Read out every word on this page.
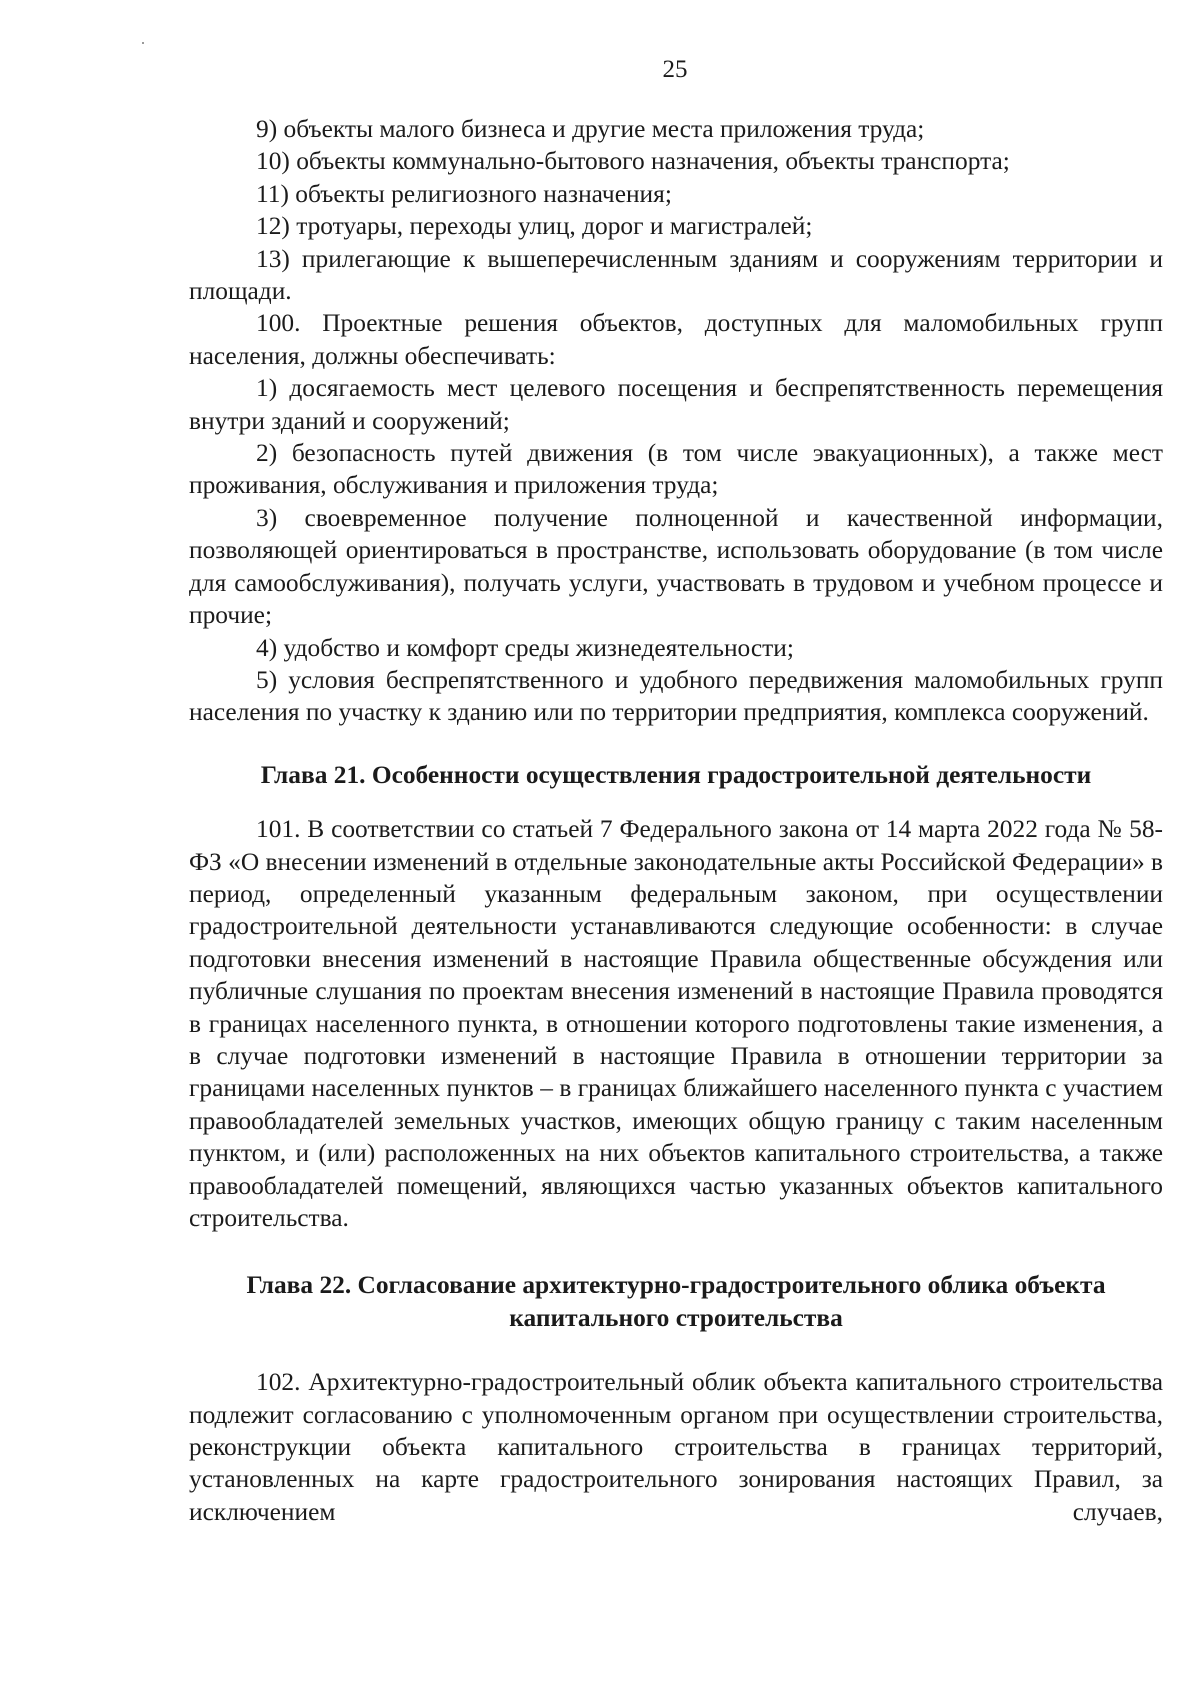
25

9) объекты малого бизнеса и другие места приложения труда;

10) объекты коммунально-бытового назначения, объекты транспорта;

11) объекты религиозного назначения;

12) тротуары, переходы улиц, дорог и магистралей;

13) прилегающие к вышеперечисленным зданиям и сооружениям территории и площади.

100. Проектные решения объектов, доступных для маломобильных групп населения, должны обеспечивать:

1) досягаемость мест целевого посещения и беспрепятственность перемещения внутри зданий и сооружений;

2) безопасность путей движения (в том числе эвакуационных), а также мест проживания, обслуживания и приложения труда;

3) своевременное получение полноценной и качественной информации, позволяющей ориентироваться в пространстве, использовать оборудование (в том числе для самообслуживания), получать услуги, участвовать в трудовом и учебном процессе и прочие;

4) удобство и комфорт среды жизнедеятельности;

5) условия беспрепятственного и удобного передвижения маломобильных групп населения по участку к зданию или по территории предприятия, комплекса сооружений.

Глава 21. Особенности осуществления градостроительной деятельности

101. В соответствии со статьей 7 Федерального закона от 14 марта 2022 года № 58-ФЗ «О внесении изменений в отдельные законодательные акты Российской Федерации» в период, определенный указанным федеральным законом, при осуществлении градостроительной деятельности устанавливаются следующие особенности: в случае подготовки внесения изменений в настоящие Правила общественные обсуждения или публичные слушания по проектам внесения изменений в настоящие Правила проводятся в границах населенного пункта, в отношении которого подготовлены такие изменения, а в случае подготовки изменений в настоящие Правила в отношении территории за границами населенных пунктов – в границах ближайшего населенного пункта с участием правообладателей земельных участков, имеющих общую границу с таким населенным пунктом, и (или) расположенных на них объектов капитального строительства, а также правообладателей помещений, являющихся частью указанных объектов капитального строительства.

Глава 22. Согласование архитектурно-градостроительного облика объекта
капитального строительства

102. Архитектурно-градостроительный облик объекта капитального строительства подлежит согласованию с уполномоченным органом при осуществлении строительства, реконструкции объекта капитального строительства в границах территорий, установленных на карте градостроительного зонирования настоящих Правил, за исключением случаев,
